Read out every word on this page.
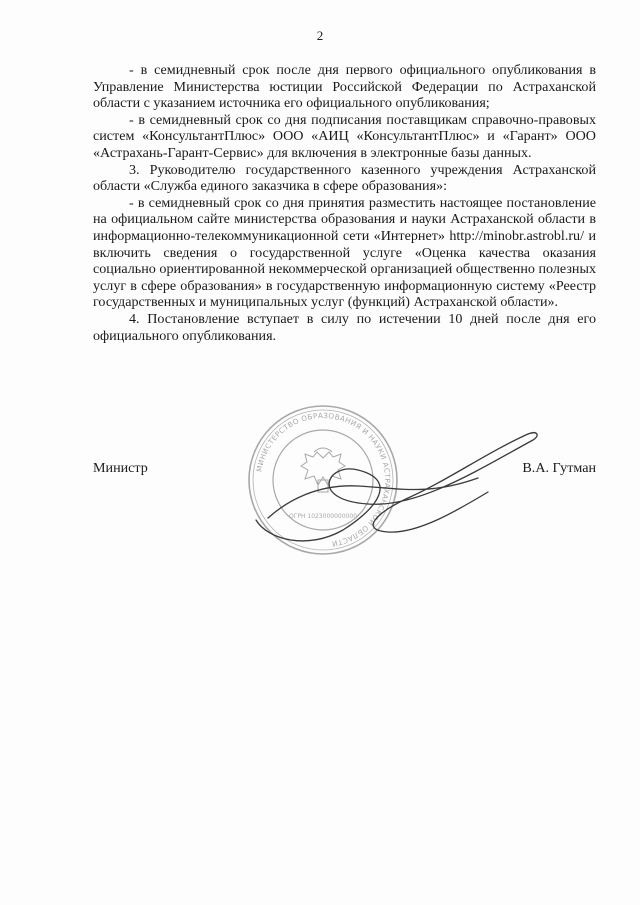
2

- в семидневный срок после дня первого официального опубликования в Управление Министерства юстиции Российской Федерации по Астраханской области с указанием источника его официального опубликования;

- в семидневный срок со дня подписания поставщикам справочно-правовых систем «КонсультантПлюс» ООО «АИЦ «КонсультантПлюс» и «Гарант» ООО «Астрахань-Гарант-Сервис» для включения в электронные базы данных.

3. Руководителю государственного казенного учреждения Астраханской области «Служба единого заказчика в сфере образования»:

- в семидневный срок со дня принятия разместить настоящее постановление на официальном сайте министерства образования и науки Астраханской области в информационно-телекоммуникационной сети «Интернет» http://minobr.astrobl.ru/ и включить сведения о государственной услуге «Оценка качества оказания социально ориентированной некоммерческой организацией общественно полезных услуг в сфере образования» в государственную информационную систему «Реестр государственных и муниципальных услуг (функций) Астраханской области».

4. Постановление вступает в силу по истечении 10 дней после дня его официального опубликования.

МИНИСТЕРСТВО ОБРАЗОВАНИЯ И НАУКИ АСТРАХАНСКОЙ ОБЛАСТИ
ОГРН 1023000000000
Министр	В.А. Гутман
